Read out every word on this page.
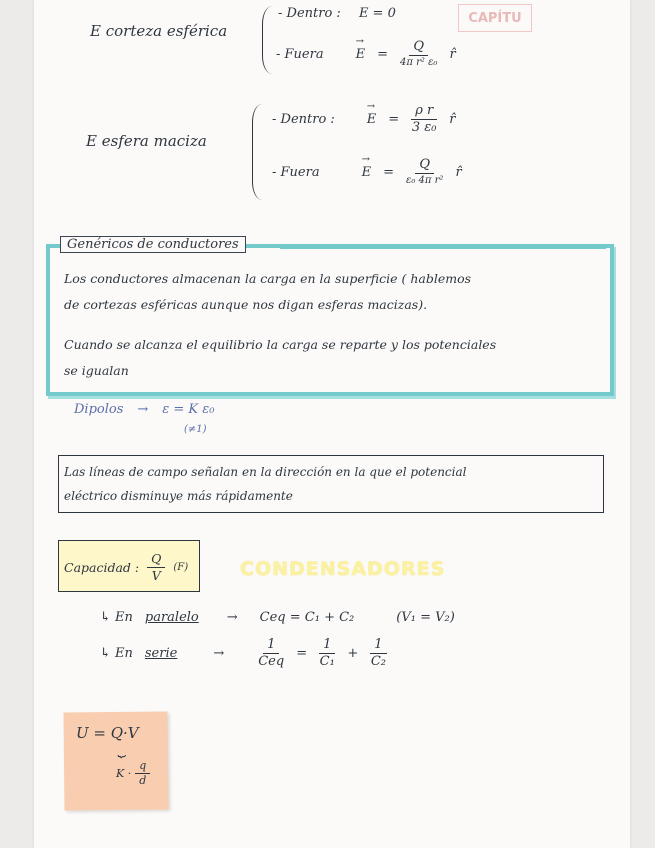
CAPÍTU
E corteza esférica
- Dentro : E = 0
- Fuera → $E = \frac{Q}{\text{4π r² ε₀}}$ r̂
E esfera maciza
- Dentro : → $E = \frac{\text{ρ r}}{\text{3 ε₀}}$ r̂
- Fuera	→ $E = \frac{Q}{\text{ε₀ 4π r²}}$ r̂
Genéricos de conductores
Los conductores almacenan la carga en la superficie ( hablemos
de cortezas esféricas aunque nos digan esferas macizas).
Cuando se alcanza el equilibrio la carga se reparte y los potenciales
se igualan
Dipolos → ε = K ε₀
(≠1)
Las líneas de campo señalan en la dirección en la que el potencial
eléctrico disminuye más rápidamente
Capacidad : $\frac{Q}{V} (F)$	CONDENSADORES
↳ En paralelo → Ceq = C₁ + C₂	(V₁ = V₂)
↳ En serie	→	$\frac{1}{\text{Ceq}} = \frac{1}{\text{C₁}} + \frac{1}{\text{C₂}}$
U = Q·V
⏟
$K \cdot \frac{q}{d}$
